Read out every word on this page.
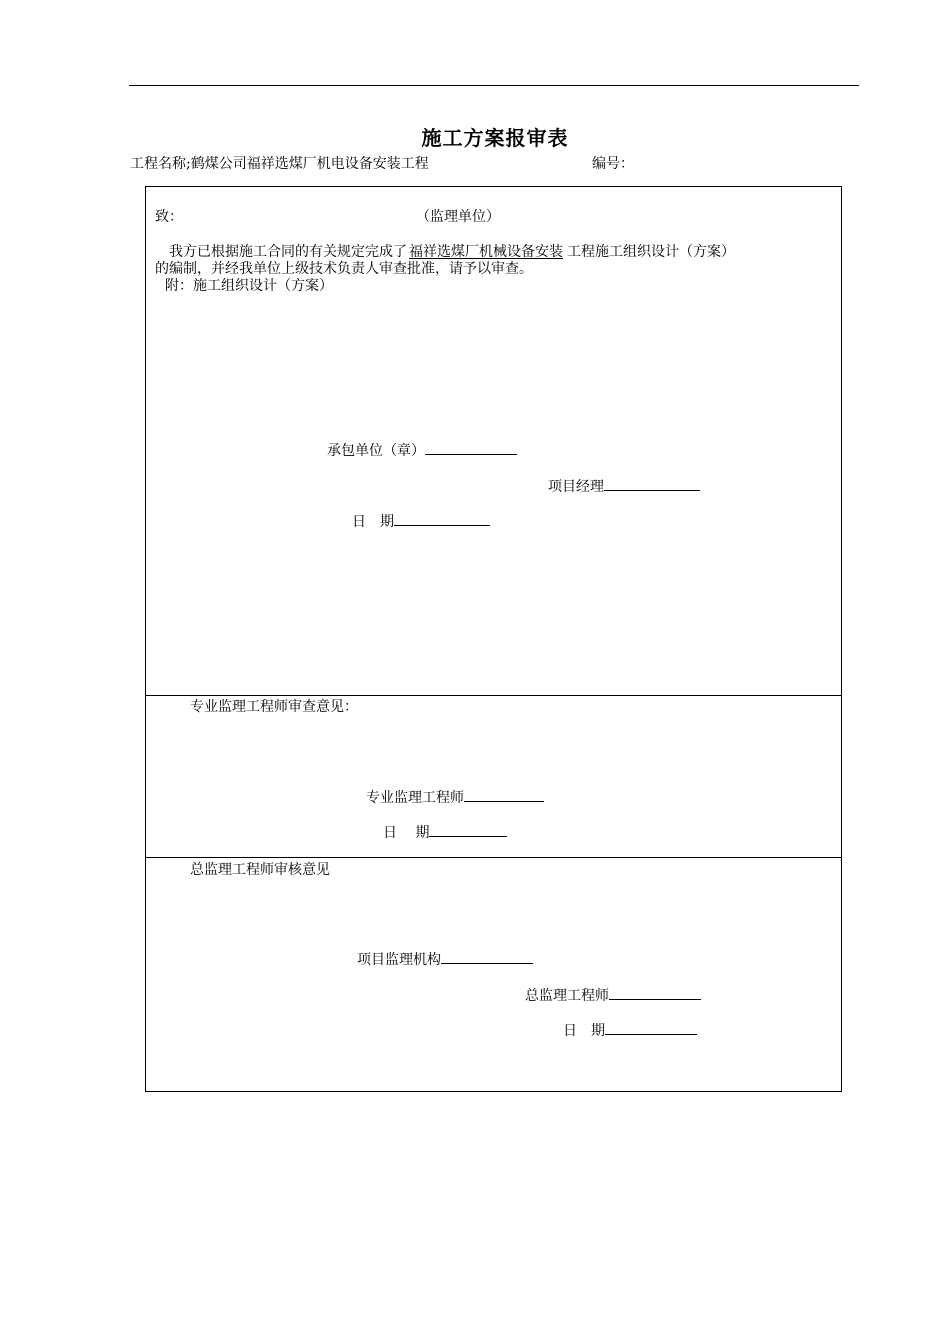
施工方案报审表
工程名称;鹤煤公司福祥选煤厂机电设备安装工程	编号：
致：	（监理单位）
我方已根据施工合同的有关规定完成了 福祥选煤厂机械设备安装 工程施工组织设计（方案）
的编制，并经我单位上级技术负责人审查批准，请予以审查。
附：施工组织设计（方案）
承包单位（章）
项目经理
日　期
专业监理工程师审查意见：
专业监理工程师
日　 期
总监理工程师审核意见
项目监理机构
总监理工程师
日　期
